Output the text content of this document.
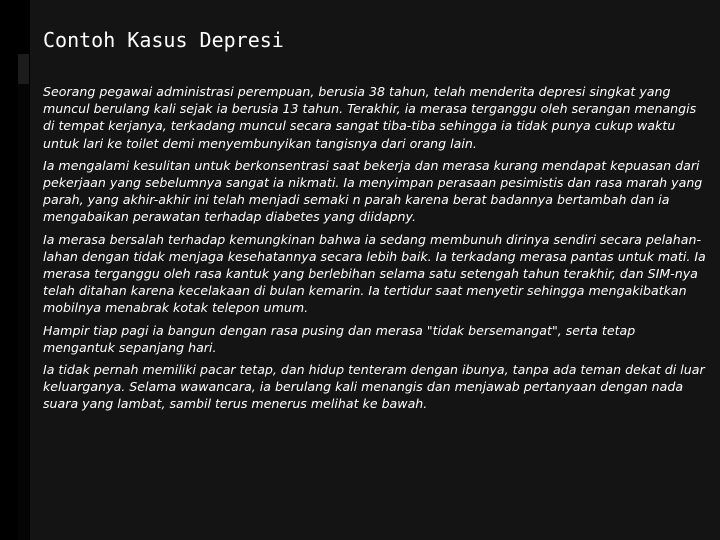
Contoh Kasus Depresi

Seorang pegawai administrasi perempuan, berusia 38 tahun, telah menderita depresi singkat yang muncul berulang kali sejak ia berusia 13 tahun. Terakhir, ia merasa terganggu oleh serangan menangis di tempat kerjanya, terkadang muncul secara sangat tiba-tiba sehingga ia tidak punya cukup waktu untuk lari ke toilet demi menyembunyikan tangisnya dari orang lain.

Ia mengalami kesulitan untuk berkonsentrasi saat bekerja dan merasa kurang mendapat kepuasan dari pekerjaan yang sebelumnya sangat ia nikmati. Ia menyimpan perasaan pesimistis dan rasa marah yang parah, yang akhir-akhir ini telah menjadi semaki n parah karena berat badannya bertambah dan ia mengabaikan perawatan terhadap diabetes yang diidapny.

Ia merasa bersalah terhadap kemungkinan bahwa ia sedang membunuh dirinya sendiri secara pelahan-lahan dengan tidak menjaga kesehatannya secara lebih baik. Ia terkadang merasa pantas untuk mati. Ia merasa terganggu oleh rasa kantuk yang berlebihan selama satu setengah tahun terakhir, dan SIM-nya telah ditahan karena kecelakaan di bulan kemarin. Ia tertidur saat menyetir sehingga mengakibatkan mobilnya menabrak kotak telepon umum.

Hampir tiap pagi ia bangun dengan rasa pusing dan merasa "tidak bersemangat", serta tetap mengantuk sepanjang hari.

Ia tidak pernah memiliki pacar tetap, dan hidup tenteram dengan ibunya, tanpa ada teman dekat di luar keluarganya. Selama wawancara, ia berulang kali menangis dan menjawab pertanyaan dengan nada suara yang lambat, sambil terus menerus melihat ke bawah.
